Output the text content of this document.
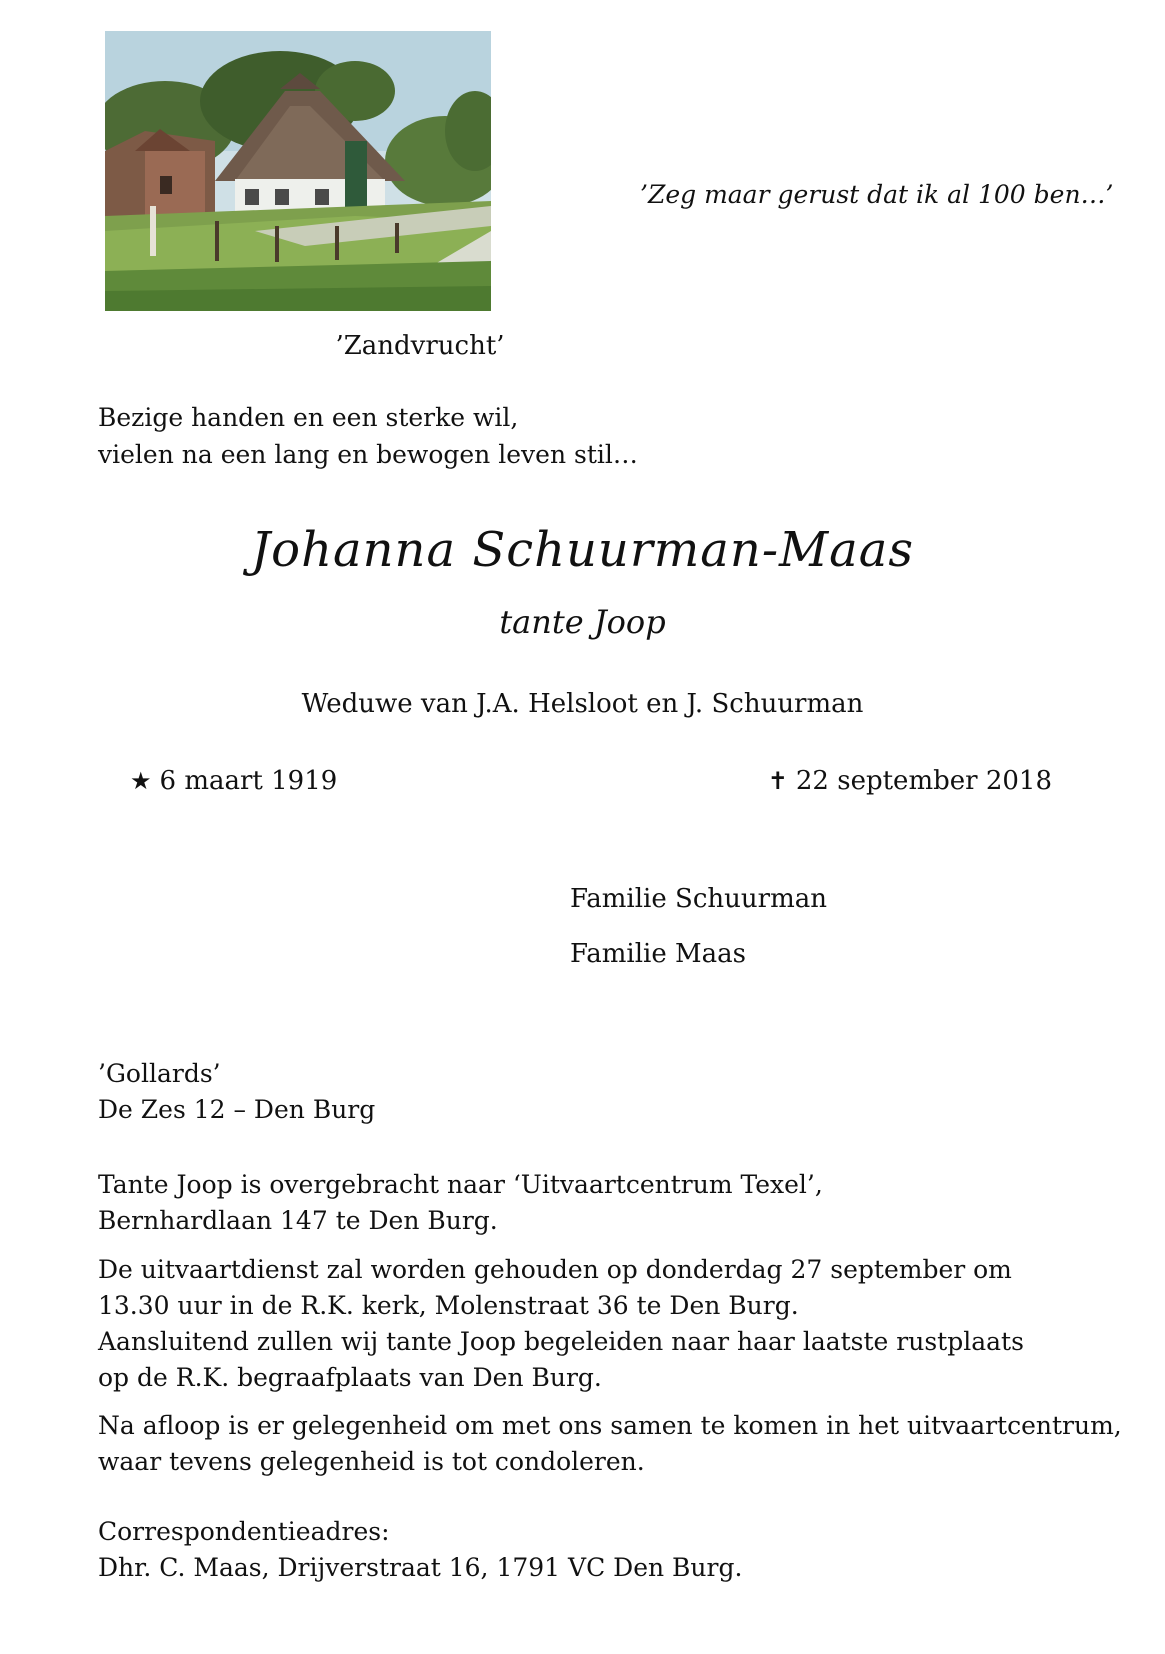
’Zandvrucht’
’Zeg maar gerust dat ik al 100 ben…’
Bezige handen en een sterke wil,
vielen na een lang en bewogen leven stil…
Johanna Schuurman-Maas
tante Joop
Weduwe van J.A. Helsloot en J. Schuurman
★ 6 maart 1919	✝ 22 september 2018
Familie Schuurman
Familie Maas
’Gollards’
De Zes 12 – Den Burg
Tante Joop is overgebracht naar ‘Uitvaartcentrum Texel’,
Bernhardlaan 147 te Den Burg.
De uitvaartdienst zal worden gehouden op donderdag 27 september om
13.30 uur in de R.K. kerk, Molenstraat 36 te Den Burg.
Aansluitend zullen wij tante Joop begeleiden naar haar laatste rustplaats
op de R.K. begraafplaats van Den Burg.
Na afloop is er gelegenheid om met ons samen te komen in het uitvaartcentrum,
waar tevens gelegenheid is tot condoleren.
Correspondentieadres:
Dhr. C. Maas, Drijverstraat 16, 1791 VC Den Burg.
